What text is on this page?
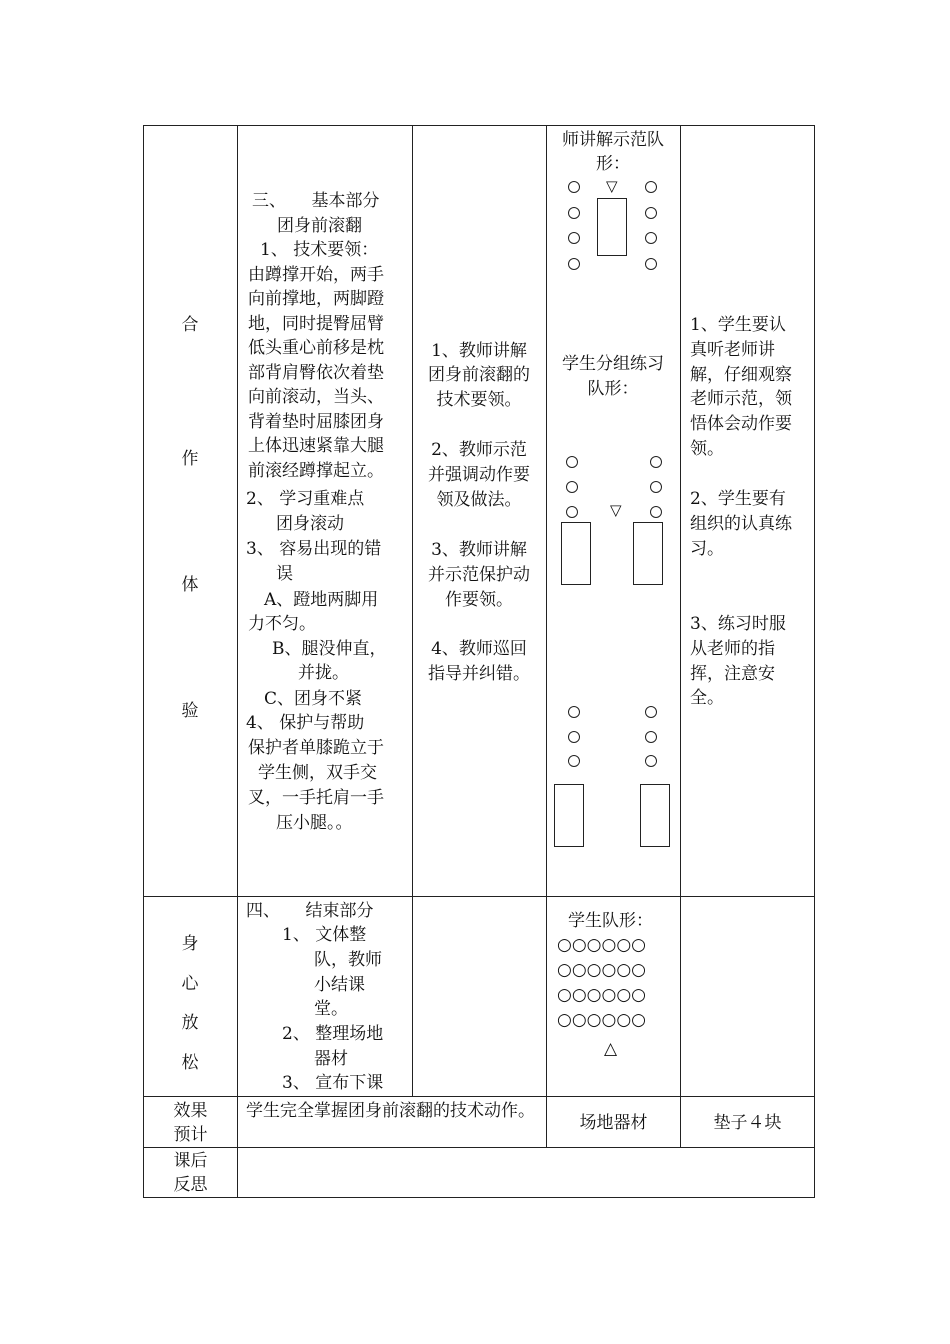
合
作
体
验
三、　　基本部分
团身前滚翻
1、 技术要领：
由蹲撑开始，两手
向前撑地，两脚蹬
地，同时提臀屈臂
低头重心前移是枕
部背肩臀依次着垫
向前滚动，当头、
背着垫时屈膝团身
上体迅速紧靠大腿
前滚经蹲撑起立。
2、 学习重难点
团身滚动
3、 容易出现的错
误
A、蹬地两脚用
力不匀。
B、腿没伸直，
并拢。
C、团身不紧
4、 保护与帮助
保护者单膝跪立于
学生侧，双手交
叉，一手托肩一手
压小腿。。
1、教师讲解
团身前滚翻的
技术要领。
2、教师示范
并强调动作要
领及做法。
3、教师讲解
并示范保护动
作要领。
4、教师巡回
指导并纠错。
师讲解示范队
形：
▽
学生分组练习
队形：
▽
1、学生要认
真听老师讲
解，仔细观察
老师示范，领
悟体会动作要
领。
2、学生要有
组织的认真练
习。
3、练习时服
从老师的指
挥，注意安
全。
身
心
放
松
四、　　结束部分
1、 文体整
队，教师
小结课
堂。
2、 整理场地
器材
3、 宣布下课
学生队形：
○○○○○○
○○○○○○
○○○○○○
○○○○○○
△
效果
预计
学生完全掌握团身前滚翻的技术动作。
场地器材	垫子４块
课后
反思
